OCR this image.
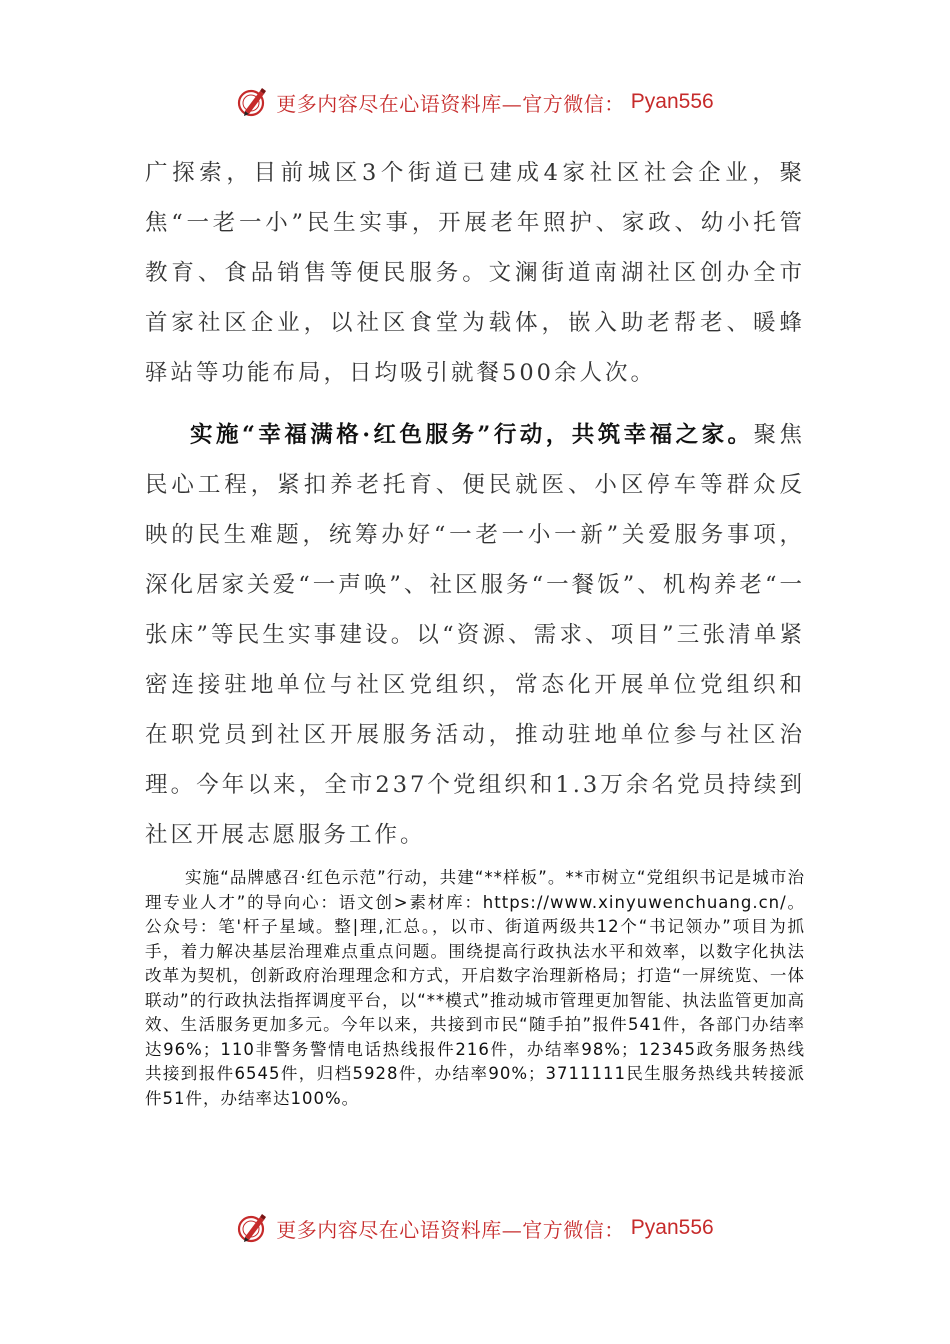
更多内容尽在心语资料库—官方微信： Pyan556

广探索，目前城区3个街道已建成4家社区社会企业，聚焦“一老一小”民生实事，开展老年照护、家政、幼小托管教育、食品销售等便民服务。文澜街道南湖社区创办全市首家社区企业，以社区食堂为载体，嵌入助老帮老、暖蜂驿站等功能布局，日均吸引就餐500余人次。

实施“幸福满格·红色服务”行动，共筑幸福之家。聚焦民心工程，紧扣养老托育、便民就医、小区停车等群众反映的民生难题，统筹办好“一老一小一新”关爱服务事项，深化居家关爱“一声唤”、社区服务“一餐饭”、机构养老“一张床”等民生实事建设。以“资源、需求、项目”三张清单紧密连接驻地单位与社区党组织，常态化开展单位党组织和在职党员到社区开展服务活动，推动驻地单位参与社区治理。今年以来，全市237个党组织和1.3万余名党员持续到社区开展志愿服务工作。

实施“品牌感召·红色示范”行动，共建“**样板”。**市树立“党组织书记是城市治理专业人才”的导向心：语文创>素材库：https://www.xinyuwenchuang.cn/。公众号：笔'杆子星域。整|理,汇总。，以市、街道两级共12个“书记领办”项目为抓手，着力解决基层治理难点重点问题。围绕提高行政执法水平和效率，以数字化执法改革为契机，创新政府治理理念和方式，开启数字治理新格局；打造“一屏统览、一体联动”的行政执法指挥调度平台，以“**模式”推动城市管理更加智能、执法监管更加高效、生活服务更加多元。今年以来，共接到市民“随手拍”报件541件，各部门办结率达96%；110非警务警情电话热线报件216件，办结率98%；12345政务服务热线共接到报件6545件，归档5928件，办结率90%；3711111民生服务热线共转接派件51件，办结率达100%。

更多内容尽在心语资料库—官方微信： Pyan556
